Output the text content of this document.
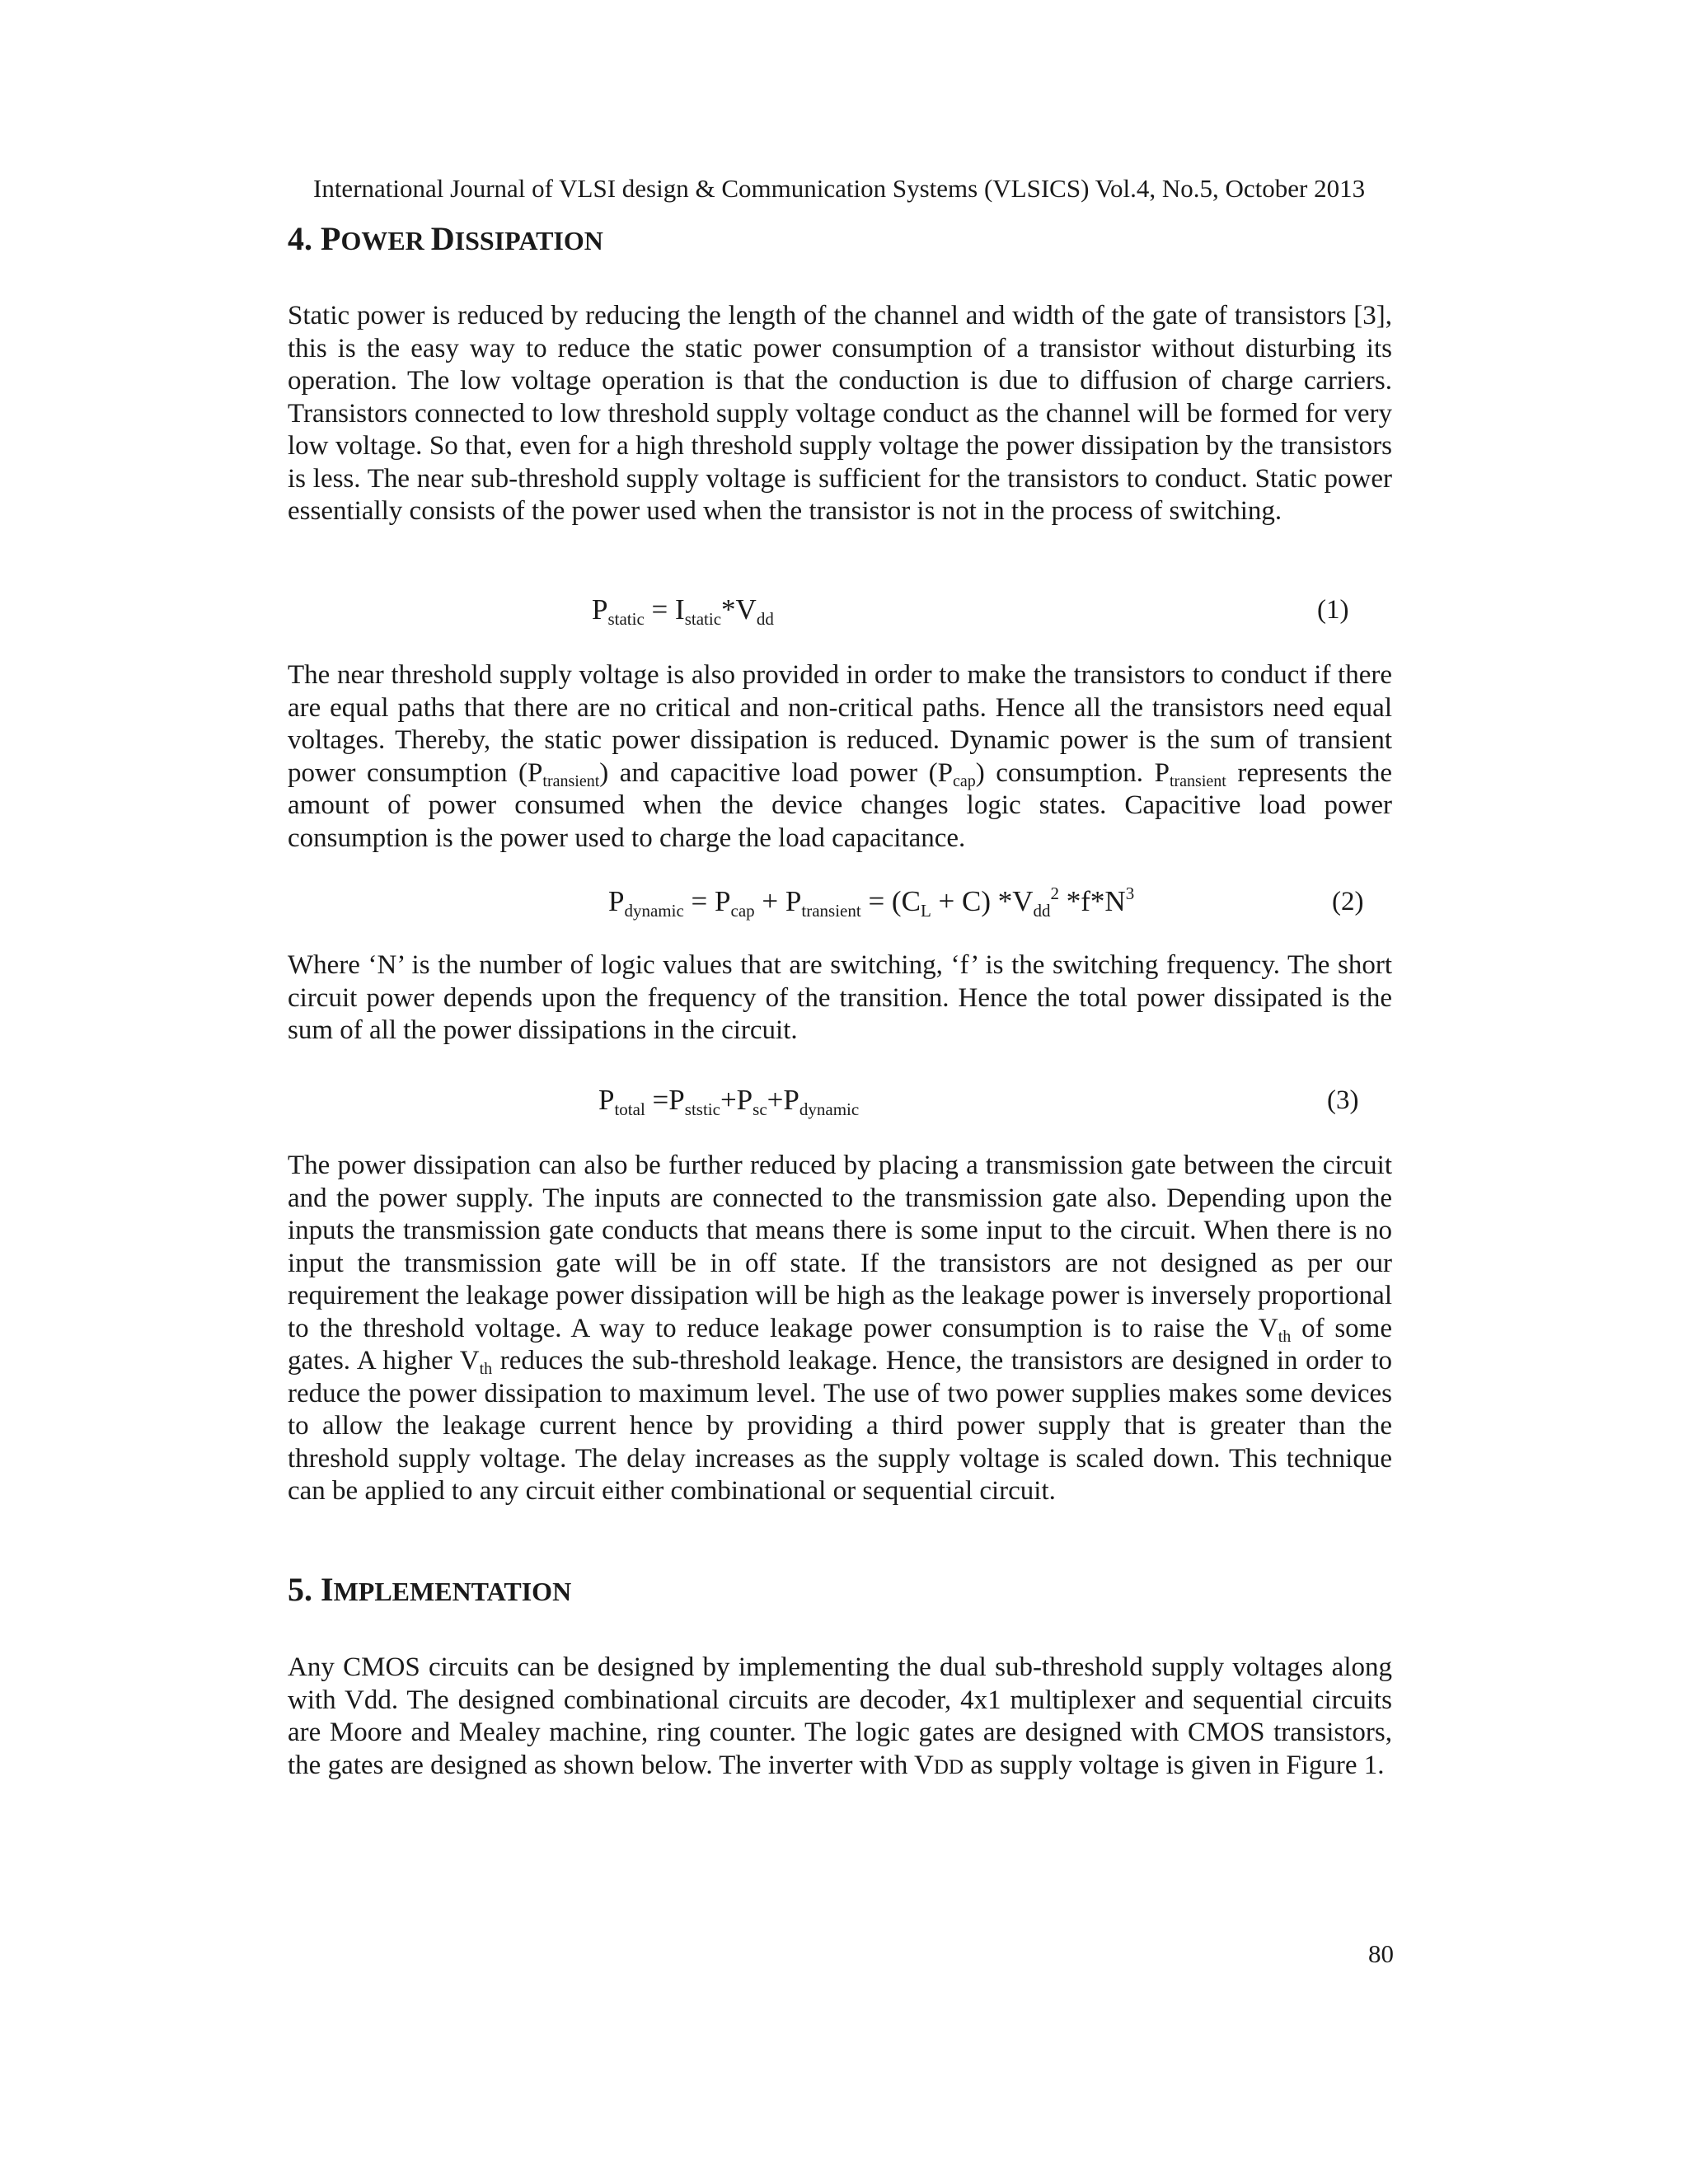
International Journal of VLSI design & Communication Systems (VLSICS) Vol.4, No.5, October 2013
4. POWER DISSIPATION

Static power is reduced by reducing the length of the channel and width of the gate of transistors [3], this is the easy way to reduce the static power consumption of a transistor without disturbing its operation. The low voltage operation is that the conduction is due to diffusion of charge carriers. Transistors connected to low threshold supply voltage conduct as the channel will be formed for very low voltage. So that, even for a high threshold supply voltage the power dissipation by the transistors is less. The near sub-threshold supply voltage is sufficient for the transistors to conduct. Static power essentially consists of the power used when the transistor is not in the process of switching.

$P_{static} = I_{static}*V_{dd}$	(1)

The near threshold supply voltage is also provided in order to make the transistors to conduct if there are equal paths that there are no critical and non-critical paths. Hence all the transistors need equal voltages. Thereby, the static power dissipation is reduced. Dynamic power is the sum of transient power consumption $(P_{transient})$ and capacitive load power $(P_{cap})$ consumption. $P_{transient}$ represents the amount of power consumed when the device changes logic states. Capacitive load power consumption is the power used to charge the load capacitance.

$P_{dynamic} = P_{cap} + P_{transient} = (C_L + C)$ $*V_{dd}^2$ $*f*N^3$	(2)

Where ‘N’ is the number of logic values that are switching, ‘f’ is the switching frequency. The short circuit power depends upon the frequency of the transition. Hence the total power dissipated is the sum of all the power dissipations in the circuit.

$P_{total} =P_{ststic}+P_{sc}+P_{dynamic}$	(3)

The power dissipation can also be further reduced by placing a transmission gate between the circuit and the power supply. The inputs are connected to the transmission gate also. Depending upon the inputs the transmission gate conducts that means there is some input to the circuit. When there is no input the transmission gate will be in off state. If the transistors are not designed as per our requirement the leakage power dissipation will be high as the leakage power is inversely proportional to the threshold voltage. A way to reduce leakage power consumption is to raise the $V_{th}$ of some gates. A higher $V_{th}$ reduces the sub-threshold leakage. Hence, the transistors are designed in order to reduce the power dissipation to maximum level. The use of two power supplies makes some devices to allow the leakage current hence by providing a third power supply that is greater than the threshold supply voltage. The delay increases as the supply voltage is scaled down. This technique can be applied to any circuit either combinational or sequential circuit.

5. IMPLEMENTATION

Any CMOS circuits can be designed by implementing the dual sub-threshold supply voltages along with Vdd. The designed combinational circuits are decoder, 4x1 multiplexer and sequential circuits are Moore and Mealey machine, ring counter. The logic gates are designed with CMOS transistors, the gates are designed as shown below. The inverter with VDD as supply voltage is given in Figure 1.

80
